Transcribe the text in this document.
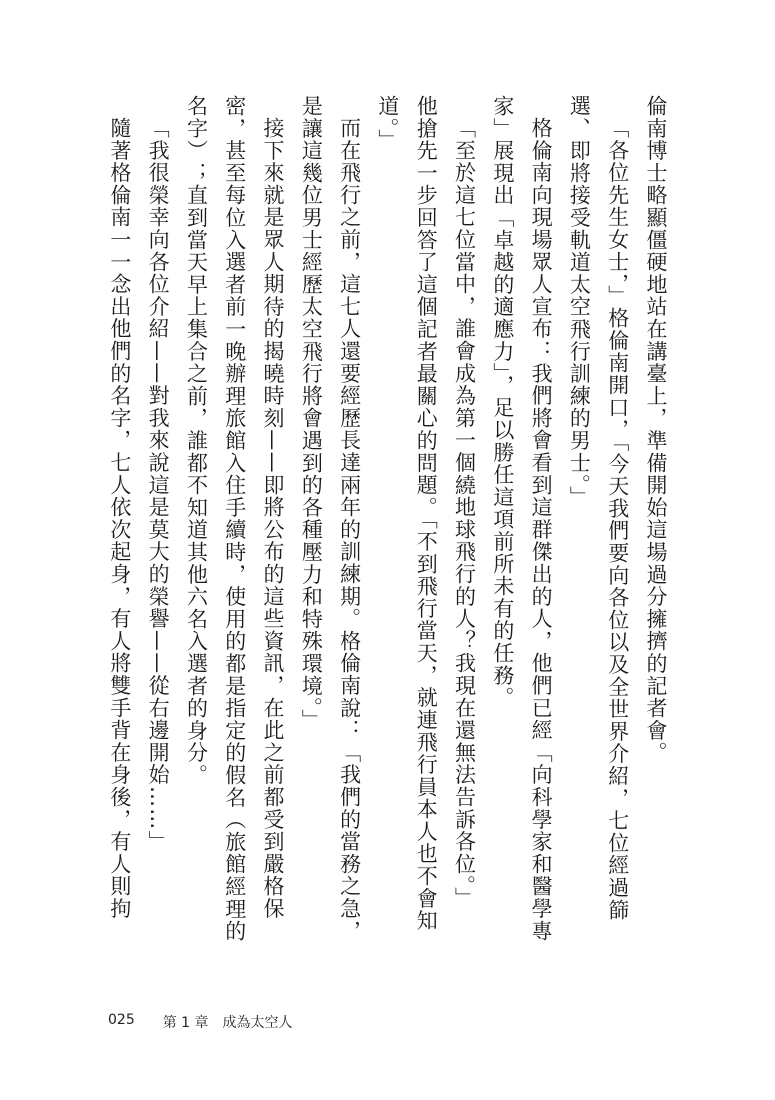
倫南博士略顯僵硬地站在講臺上，準備開始這場過分擁擠的記者會。

「各位先生女士，」格倫南開口，「今天我們要向各位以及全世界介紹，七位經過篩選、即將接受軌道太空飛行訓練的男士。」

格倫南向現場眾人宣布：我們將會看到這群傑出的人，他們已經「向科學家和醫學專家」展現出「卓越的適應力」，足以勝任這項前所未有的任務。

「至於這七位當中，誰會成為第一個繞地球飛行的人？我現在還無法告訴各位。」

他搶先一步回答了這個記者最關心的問題。「不到飛行當天，就連飛行員本人也不會知道。」

而在飛行之前，這七人還要經歷長達兩年的訓練期。格倫南說：「我們的當務之急，是讓這幾位男士經歷太空飛行將會遇到的各種壓力和特殊環境。」

接下來就是眾人期待的揭曉時刻——即將公布的這些資訊，在此之前都受到嚴格保密，甚至每位入選者前一晚辦理旅館入住手續時，使用的都是指定的假名（旅館經理的名字）；直到當天早上集合之前，誰都不知道其他六名入選者的身分。

「我很榮幸向各位介紹——對我來說這是莫大的榮譽——從右邊開始……」

隨著格倫南一一念出他們的名字，七人依次起身，有人將雙手背在身後，有人則拘

025 第 1 章 成為太空人
